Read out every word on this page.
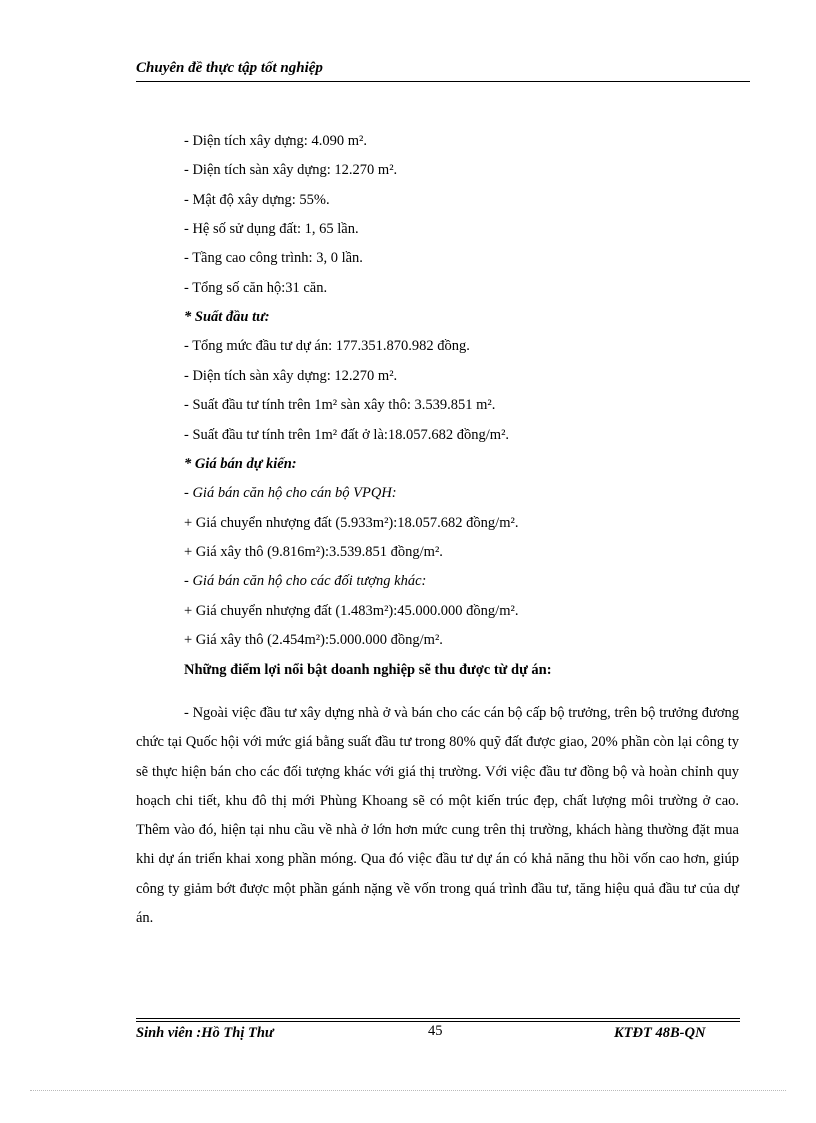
Chuyên đề thực tập tốt nghiệp
- Diện tích xây dựng: 4.090 m².
- Diện tích sàn xây dựng: 12.270 m².
- Mật độ xây dựng: 55%.
- Hệ số sử dụng đất: 1, 65 lần.
- Tầng cao công trình: 3, 0 lần.
- Tổng số căn hộ:31 căn.
* Suất đầu tư:
- Tổng mức đầu tư dự án: 177.351.870.982 đồng.
- Diện tích sàn xây dựng: 12.270 m².
- Suất đầu tư tính trên 1m² sàn xây thô: 3.539.851 m².
- Suất đầu tư tính trên 1m² đất ở là:18.057.682 đồng/m².
* Giá bán dự kiến:
- Giá bán căn hộ cho cán bộ VPQH:
+ Giá chuyển nhượng đất (5.933m²):18.057.682 đồng/m².
+ Giá xây thô (9.816m²):3.539.851 đồng/m².
- Giá bán căn hộ cho các đối tượng khác:
+ Giá chuyển nhượng đất (1.483m²):45.000.000 đồng/m².
+ Giá xây thô (2.454m²):5.000.000 đồng/m².
Những điểm lợi nổi bật doanh nghiệp sẽ thu được từ dự án:
- Ngoài việc đầu tư xây dựng nhà ở và bán cho các cán bộ cấp bộ trưởng, trên bộ trưởng đương chức tại Quốc hội với mức giá bằng suất đầu tư trong 80% quỹ đất được giao, 20% phần còn lại công ty sẽ thực hiện bán cho các đối tượng khác với giá thị trường. Với việc đầu tư đồng bộ và hoàn chỉnh quy hoạch chi tiết, khu đô thị mới Phùng Khoang sẽ có một kiến trúc đẹp, chất lượng môi trường ở cao. Thêm vào đó, hiện tại nhu cầu về nhà ở lớn hơn mức cung trên thị trường, khách hàng thường đặt mua khi dự án triển khai xong phần móng. Qua đó việc đầu tư dự án có khả năng thu hồi vốn cao hơn, giúp công ty giảm bớt được một phần gánh nặng về vốn trong quá trình đầu tư, tăng hiệu quả đầu tư của dự án.
Sinh viên :Hồ Thị Thư	45	KTĐT 48B-QN
